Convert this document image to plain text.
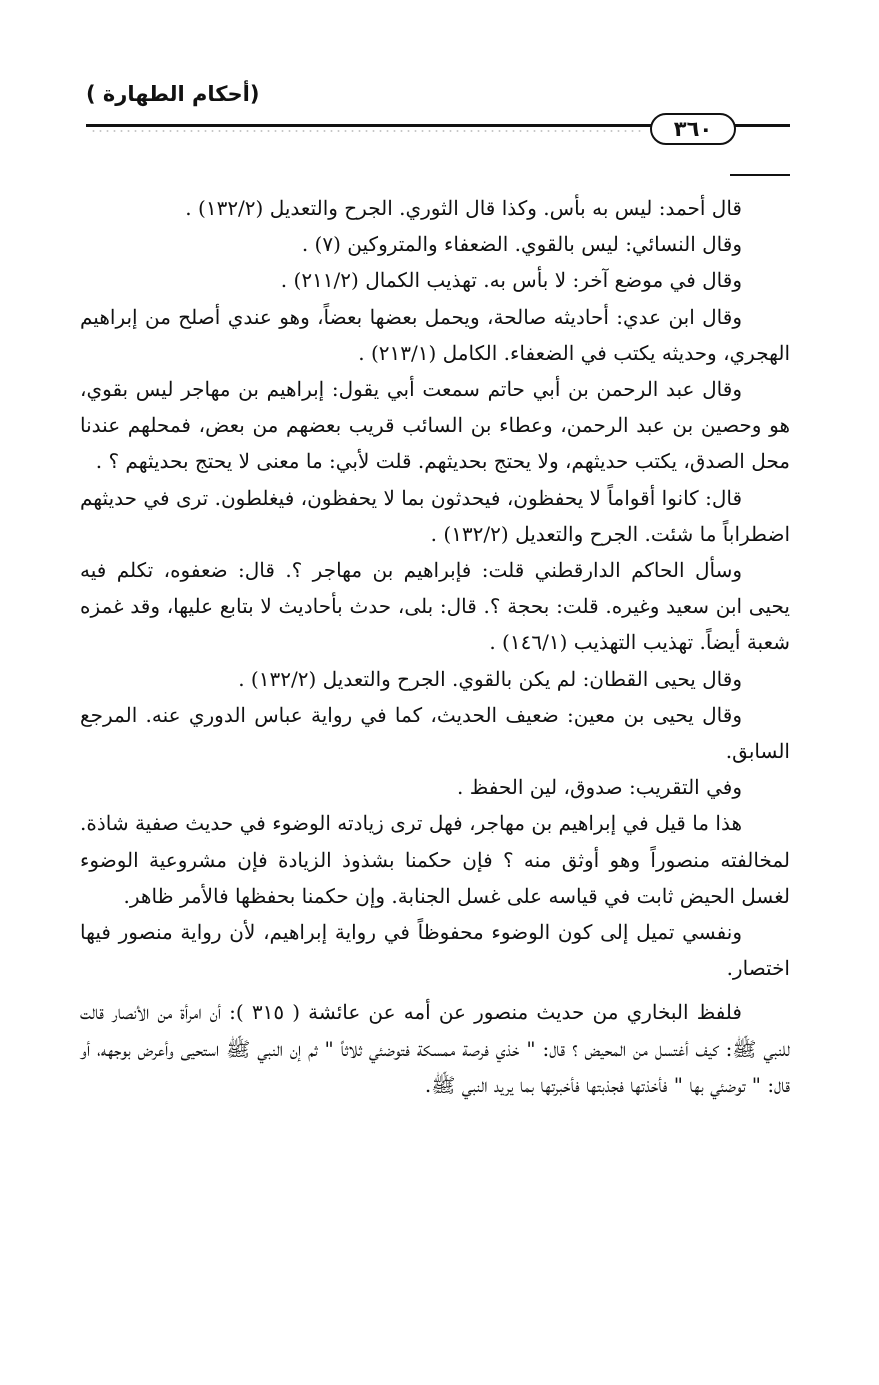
(أحكام الطهارة )
٣٦٠

قال أحمد: ليس به بأس. وكذا قال الثوري. الجرح والتعديل (١٣٢/٢) .

وقال النسائي: ليس بالقوي. الضعفاء والمتروكين (٧) .

وقال في موضع آخر: لا بأس به. تهذيب الكمال (٢١١/٢) .

وقال ابن عدي: أحاديثه صالحة، ويحمل بعضها بعضاً، وهو عندي أصلح من إبراهيم الهجري، وحديثه يكتب في الضعفاء. الكامل (٢١٣/١) .

وقال عبد الرحمن بن أبي حاتم سمعت أبي يقول: إبراهيم بن مهاجر ليس بقوي، هو وحصين بن عبد الرحمن، وعطاء بن السائب قريب بعضهم من بعض، فمحلهم عندنا محل الصدق، يكتب حديثهم، ولا يحتج بحديثهم. قلت لأبي: ما معنى لا يحتج بحديثهم ؟ .

قال: كانوا أقواماً لا يحفظون، فيحدثون بما لا يحفظون، فيغلطون. ترى في حديثهم اضطراباً ما شئت. الجرح والتعديل (١٣٢/٢) .

وسأل الحاكم الدارقطني قلت: فإبراهيم بن مهاجر ؟. قال: ضعفوه، تكلم فيه يحيى ابن سعيد وغيره. قلت: بحجة ؟. قال: بلى، حدث بأحاديث لا بتابع عليها، وقد غمزه شعبة أيضاً. تهذيب التهذيب (١٤٦/١) .

وقال يحيى القطان: لم يكن بالقوي. الجرح والتعديل (١٣٢/٢) .

وقال يحيى بن معين: ضعيف الحديث، كما في رواية عباس الدوري عنه. المرجع السابق.

وفي التقريب: صدوق، لين الحفظ .

هذا ما قيل في إبراهيم بن مهاجر، فهل ترى زيادته الوضوء في حديث صفية شاذة. لمخالفته منصوراً وهو أوثق منه ؟ فإن حكمنا بشذوذ الزيادة فإن مشروعية الوضوء لغسل الحيض ثابت في قياسه على غسل الجنابة. وإن حكمنا بحفظها فالأمر ظاهر.

ونفسي تميل إلى كون الوضوء محفوظاً في رواية إبراهيم، لأن رواية منصور فيها اختصار.

فلفظ البخاري من حديث منصور عن أمه عن عائشة ( ٣١٥ ): أن امرأة من الأنصار قالت للنبي ﷺ: كيف أغتسل من المحيض ؟ قال: " خذي فرصة ممسكة فتوضئي ثلاثاً " ثم إن النبي ﷺ استحيى وأعرض بوجهه، أو قال: " توضئي بها " فأخذتها فجذبتها فأخبرتها بما يريد النبي ﷺ.
